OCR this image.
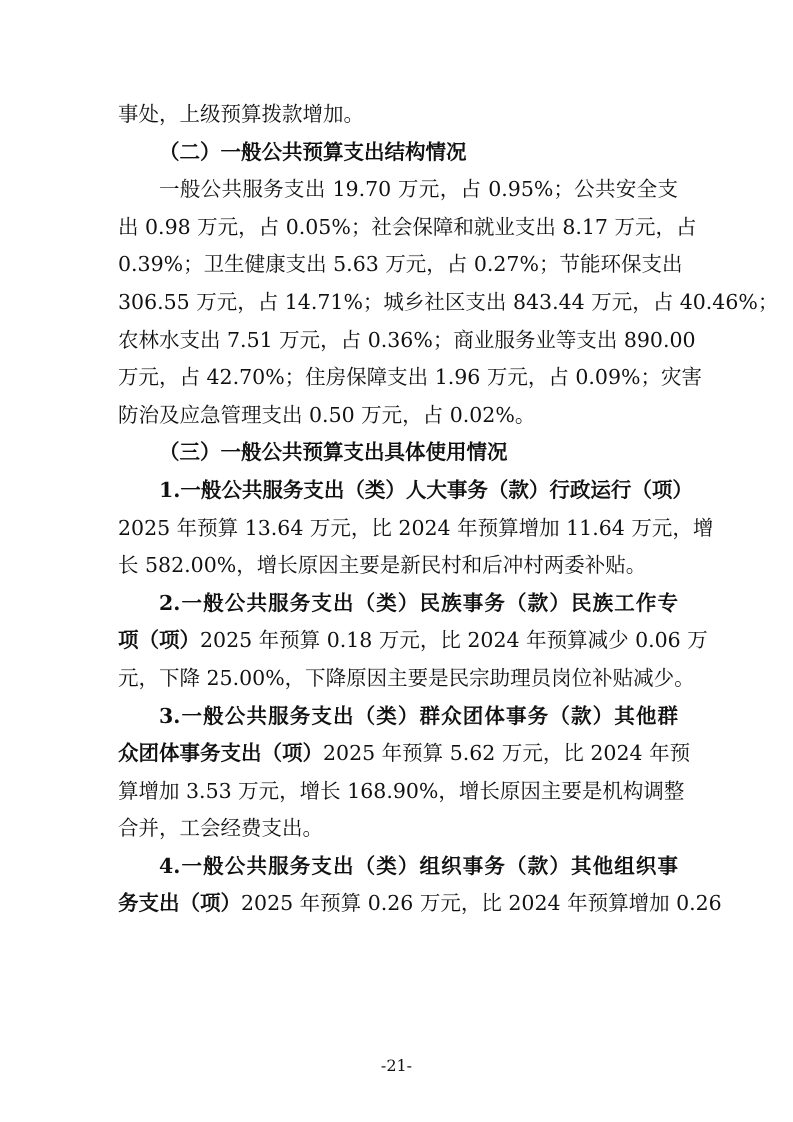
事处，上级预算拨款增加。
（二）一般公共预算支出结构情况
一般公共服务支出 19.70 万元，占 0.95%；公共安全支
出 0.98 万元，占 0.05%；社会保障和就业支出 8.17 万元，占
0.39%；卫生健康支出 5.63 万元，占 0.27%；节能环保支出
306.55 万元，占 14.71%；城乡社区支出 843.44 万元，占 40.46%；
农林水支出 7.51 万元，占 0.36%；商业服务业等支出 890.00
万元，占 42.70%；住房保障支出 1.96 万元，占 0.09%；灾害
防治及应急管理支出 0.50 万元，占 0.02%。
（三）一般公共预算支出具体使用情况
1.一般公共服务支出（类）人大事务（款）行政运行（项）
2025 年预算 13.64 万元，比 2024 年预算增加 11.64 万元，增
长 582.00%，增长原因主要是新民村和后冲村两委补贴。
2.一般公共服务支出（类）民族事务（款）民族工作专
项（项）2025 年预算 0.18 万元，比 2024 年预算减少 0.06 万
元，下降 25.00%，下降原因主要是民宗助理员岗位补贴减少。
3.一般公共服务支出（类）群众团体事务（款）其他群
众团体事务支出（项）2025 年预算 5.62 万元，比 2024 年预
算增加 3.53 万元，增长 168.90%，增长原因主要是机构调整
合并，工会经费支出。
4.一般公共服务支出（类）组织事务（款）其他组织事
务支出（项）2025 年预算 0.26 万元，比 2024 年预算增加 0.26
-21-
